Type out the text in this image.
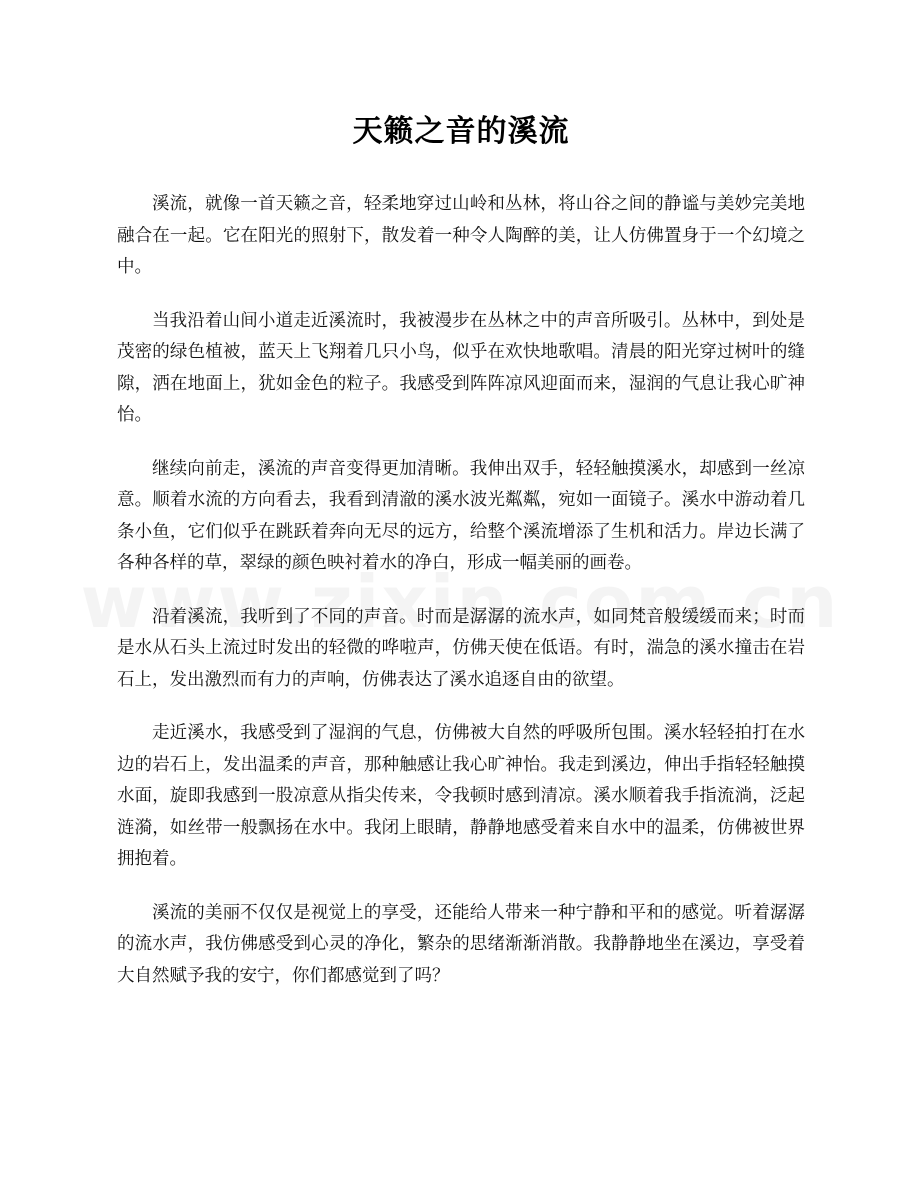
天籁之音的溪流

溪流，就像一首天籁之音，轻柔地穿过山岭和丛林，将山谷之间的静谧与美妙完美地融合在一起。它在阳光的照射下，散发着一种令人陶醉的美，让人仿佛置身于一个幻境之中。

当我沿着山间小道走近溪流时，我被漫步在丛林之中的声音所吸引。丛林中，到处是茂密的绿色植被，蓝天上飞翔着几只小鸟，似乎在欢快地歌唱。清晨的阳光穿过树叶的缝隙，洒在地面上，犹如金色的粒子。我感受到阵阵凉风迎面而来，湿润的气息让我心旷神怡。

继续向前走，溪流的声音变得更加清晰。我伸出双手，轻轻触摸溪水，却感到一丝凉意。顺着水流的方向看去，我看到清澈的溪水波光粼粼，宛如一面镜子。溪水中游动着几条小鱼，它们似乎在跳跃着奔向无尽的远方，给整个溪流增添了生机和活力。岸边长满了各种各样的草，翠绿的颜色映衬着水的净白，形成一幅美丽的画卷。

沿着溪流，我听到了不同的声音。时而是潺潺的流水声，如同梵音般缓缓而来；时而是水从石头上流过时发出的轻微的哗啦声，仿佛天使在低语。有时，湍急的溪水撞击在岩石上，发出激烈而有力的声响，仿佛表达了溪水追逐自由的欲望。

走近溪水，我感受到了湿润的气息，仿佛被大自然的呼吸所包围。溪水轻轻拍打在水边的岩石上，发出温柔的声音，那种触感让我心旷神怡。我走到溪边，伸出手指轻轻触摸水面，旋即我感到一股凉意从指尖传来，令我顿时感到清凉。溪水顺着我手指流淌，泛起涟漪，如丝带一般飘扬在水中。我闭上眼睛，静静地感受着来自水中的温柔，仿佛被世界拥抱着。

溪流的美丽不仅仅是视觉上的享受，还能给人带来一种宁静和平和的感觉。听着潺潺的流水声，我仿佛感受到心灵的净化，繁杂的思绪渐渐消散。我静静地坐在溪边，享受着大自然赋予我的安宁，你们都感觉到了吗？
